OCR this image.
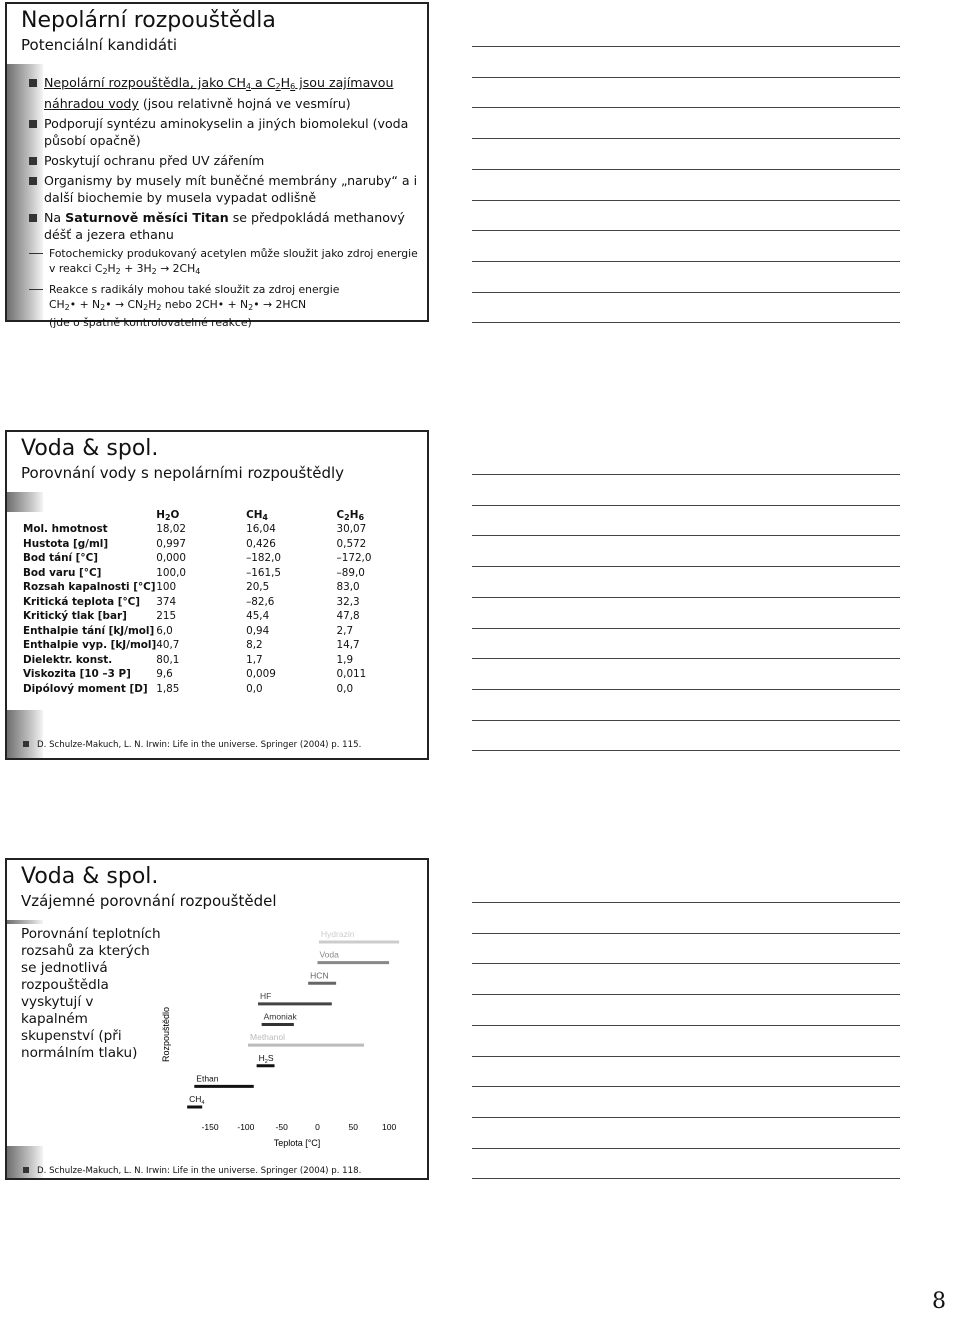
Nepolární rozpouštědla
Potenciální kandidáti
Nepolární rozpouštědla, jako $CH_4$ a $C_2H_6$ jsou zajímavou náhradou vody (jsou relativně hojná ve vesmíru)
Podporují syntézu aminokyselin a jiných biomolekul (voda působí opačně)
Poskytují ochranu před UV zářením
Organismy by musely mít buněčné membrány „naruby“ a i další biochemie by musela vypadat odlišně
Na Saturnově měsíci Titan se předpokládá methanový déšť a jezera ethanu
Fotochemicky produkovaný acetylen může sloužit jako zdroj energie v reakci $C_2H_2 + 3H_2 \to 2CH_4$
Reakce s radikály mohou také sloužit za zdroj energie
$CH_2•$ + $N_2• \to CN_2H_2$ nebo 2CH• + $N_2• \to 2HCN$
(jde o špatně kontrolovatelné reakce)
Voda & spol.
Porovnání vody s nepolárními rozpouštědly
	$H_2O$	$CH_4$	$C_2H_6$
Mol. hmotnost	18,02	16,04	30,07
Hustota [g/ml]	0,997	0,426	0,572
Bod tání [°C]	0,000	–182,0	–172,0
Bod varu [°C]	100,0	–161,5	–89,0
Rozsah kapalnosti [°C]	100	20,5	83,0
Kritická teplota [°C]	374	–82,6	32,3
Kritický tlak [bar]	215	45,4	47,8
Enthalpie tání [kJ/mol]	6,0	0,94	2,7
Enthalpie vyp. [kJ/mol]	40,7	8,2	14,7
Dielektr. konst.	80,1	1,7	1,9
Viskozita [10 –3 P]	9,6	0,009	0,011
Dipólový moment [D]	1,85	0,0	0,0
D. Schulze-Makuch, L. N. Irwin: Life in the universe. Springer (2004) p. 115.
Voda & spol.
Vzájemné porovnání rozpouštědel
Porovnání teplotních rozsahů za kterých se jednotlivá rozpouštědla vyskytují v kapalném skupenství (při normálním tlaku)	Rozpouštědlo
$CH_4$
Ethan
$H_2S$
Methanol
Amoniak
HF
HCN
Voda
Hydrazin
-150 -100 -50	0	50	100
Teplota [°C]
D. Schulze-Makuch, L. N. Irwin: Life in the universe. Springer (2004) p. 118.
8
